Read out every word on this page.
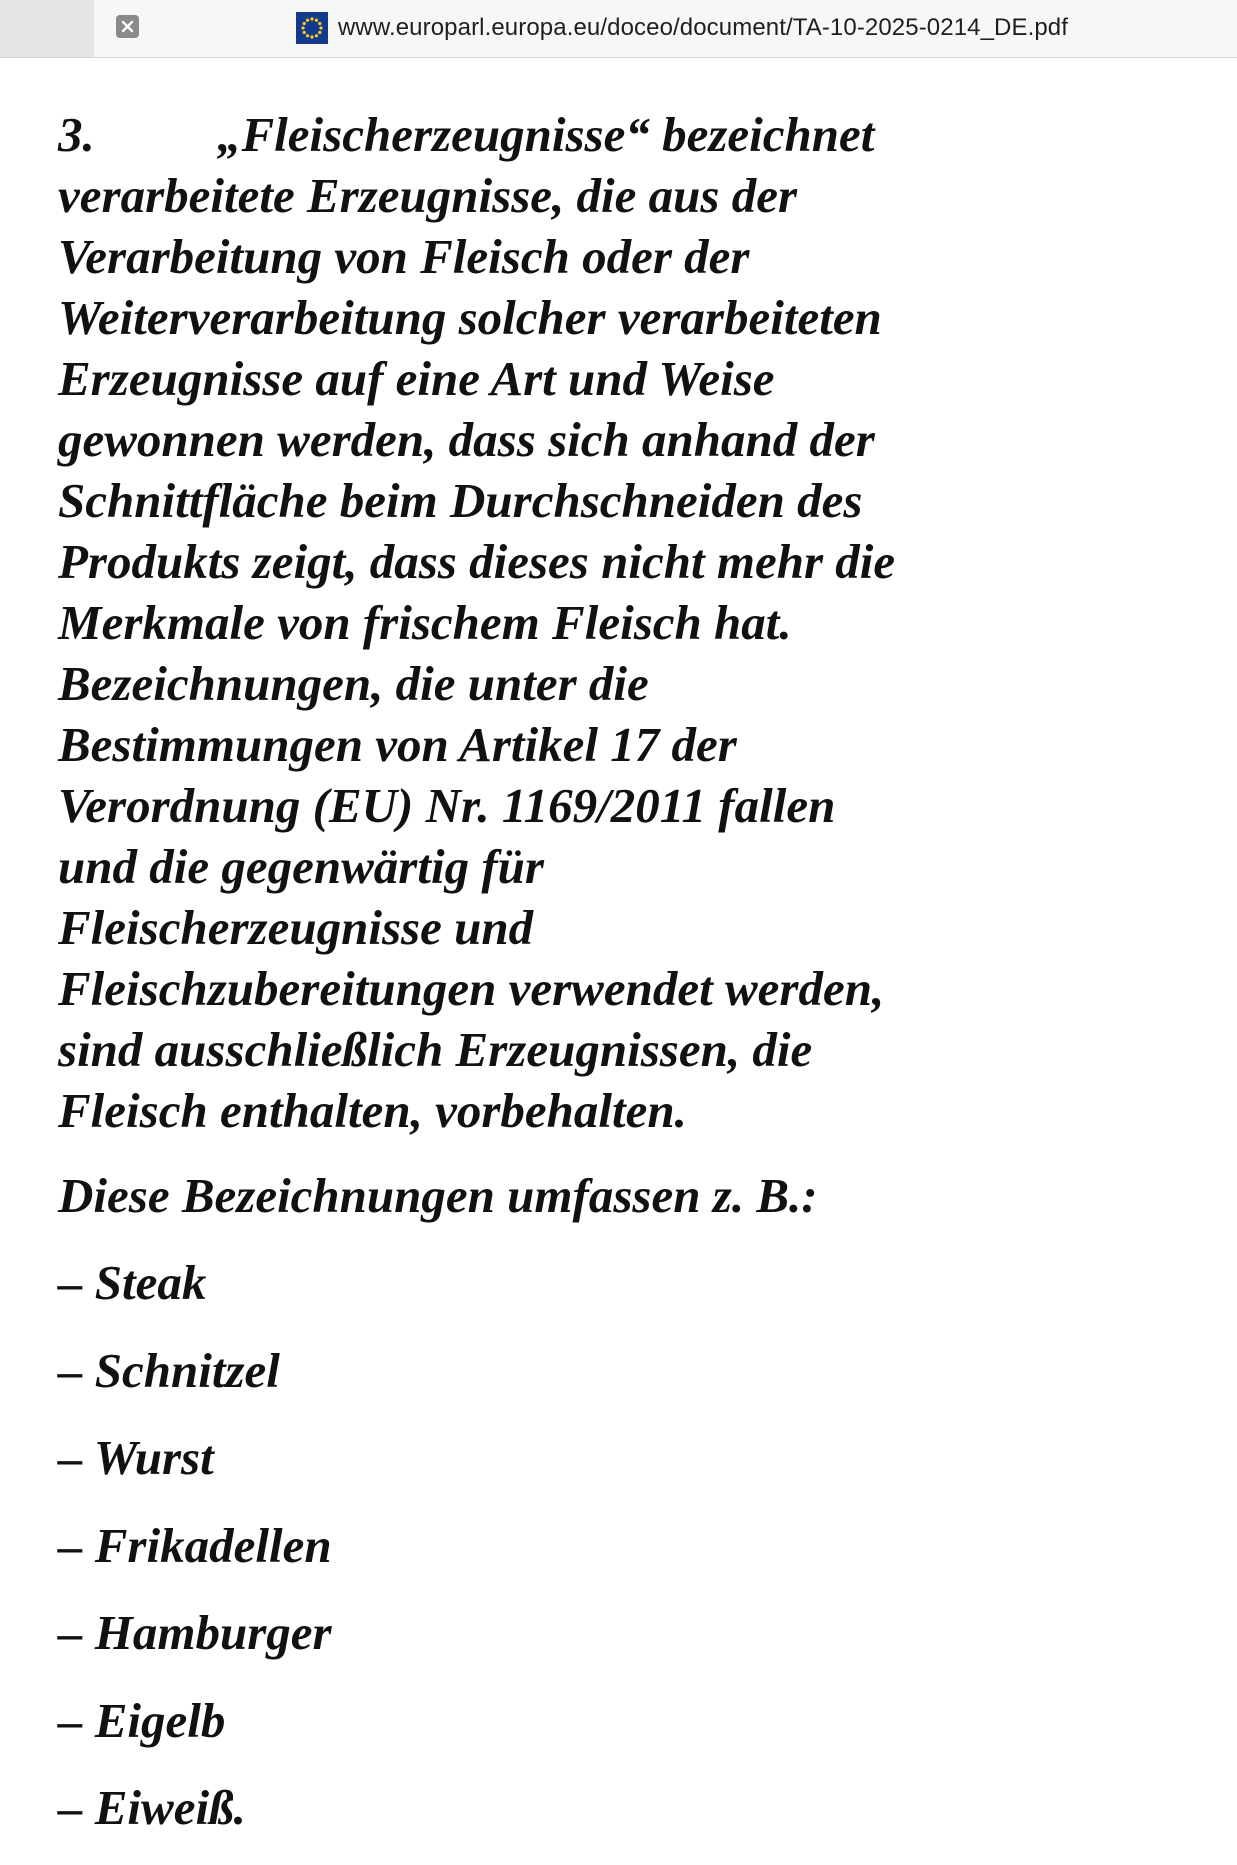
www.europarl.europa.eu/doceo/document/TA-10-2025-0214_DE.pdf
3. „Fleischerzeugnisse“ bezeichnet
verarbeitete Erzeugnisse, die aus der
Verarbeitung von Fleisch oder der
Weiterverarbeitung solcher verarbeiteten
Erzeugnisse auf eine Art und Weise
gewonnen werden, dass sich anhand der
Schnittfläche beim Durchschneiden des
Produkts zeigt, dass dieses nicht mehr die
Merkmale von frischem Fleisch hat.
Bezeichnungen, die unter die
Bestimmungen von Artikel 17 der
Verordnung (EU) Nr. 1169/2011 fallen
und die gegenwärtig für
Fleischerzeugnisse und
Fleischzubereitungen verwendet werden,
sind ausschließlich Erzeugnissen, die
Fleisch enthalten, vorbehalten.

Diese Bezeichnungen umfassen z. B.:

– Steak
– Schnitzel
– Wurst
– Frikadellen
– Hamburger
– Eigelb
– Eiweiß.
